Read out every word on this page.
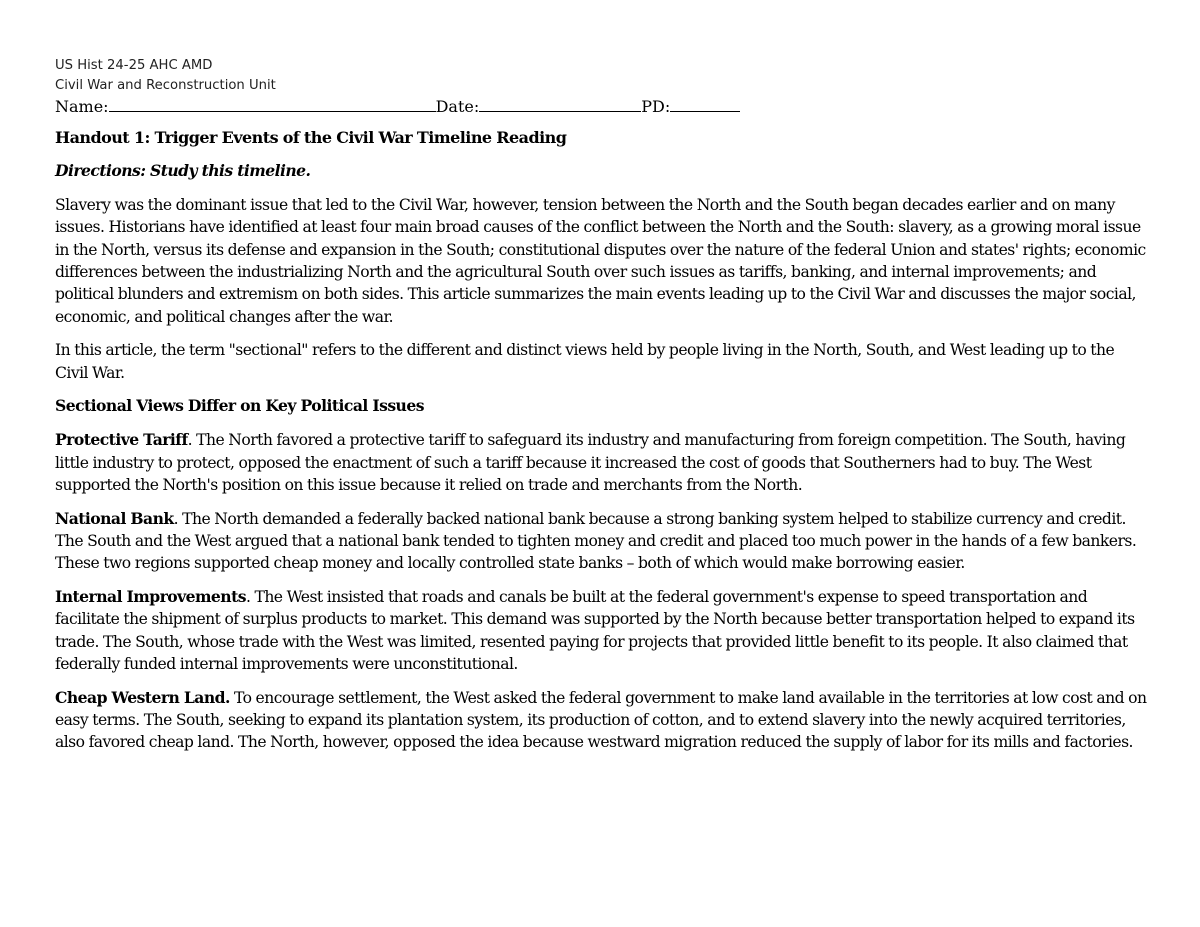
US Hist 24-25 AHC AMD
Civil War and Reconstruction Unit
Name:	Date:	PD:
Handout 1: Trigger Events of the Civil War Timeline Reading
Directions: Study this timeline.

Slavery was the dominant issue that led to the Civil War, however, tension between the North and the South began decades earlier and on many issues. Historians have identified at least four main broad causes of the conflict between the North and the South: slavery, as a growing moral issue in the North, versus its defense and expansion in the South; constitutional disputes over the nature of the federal Union and states' rights; economic differences between the industrializing North and the agricultural South over such issues as tariffs, banking, and internal improvements; and political blunders and extremism on both sides. This article summarizes the main events leading up to the Civil War and discusses the major social, economic, and political changes after the war.

In this article, the term "sectional" refers to the different and distinct views held by people living in the North, South, and West leading up to the Civil War.

Sectional Views Differ on Key Political Issues

Protective Tariff. The North favored a protective tariff to safeguard its industry and manufacturing from foreign competition. The South, having little industry to protect, opposed the enactment of such a tariff because it increased the cost of goods that Southerners had to buy. The West supported the North's position on this issue because it relied on trade and merchants from the North.

National Bank. The North demanded a federally backed national bank because a strong banking system helped to stabilize currency and credit. The South and the West argued that a national bank tended to tighten money and credit and placed too much power in the hands of a few bankers. These two regions supported cheap money and locally controlled state banks – both of which would make borrowing easier.

Internal Improvements. The West insisted that roads and canals be built at the federal government's expense to speed transportation and facilitate the shipment of surplus products to market. This demand was supported by the North because better transportation helped to expand its trade. The South, whose trade with the West was limited, resented paying for projects that provided little benefit to its people. It also claimed that federally funded internal improvements were unconstitutional.

Cheap Western Land. To encourage settlement, the West asked the federal government to make land available in the territories at low cost and on easy terms. The South, seeking to expand its plantation system, its production of cotton, and to extend slavery into the newly acquired territories, also favored cheap land. The North, however, opposed the idea because westward migration reduced the supply of labor for its mills and factories.
